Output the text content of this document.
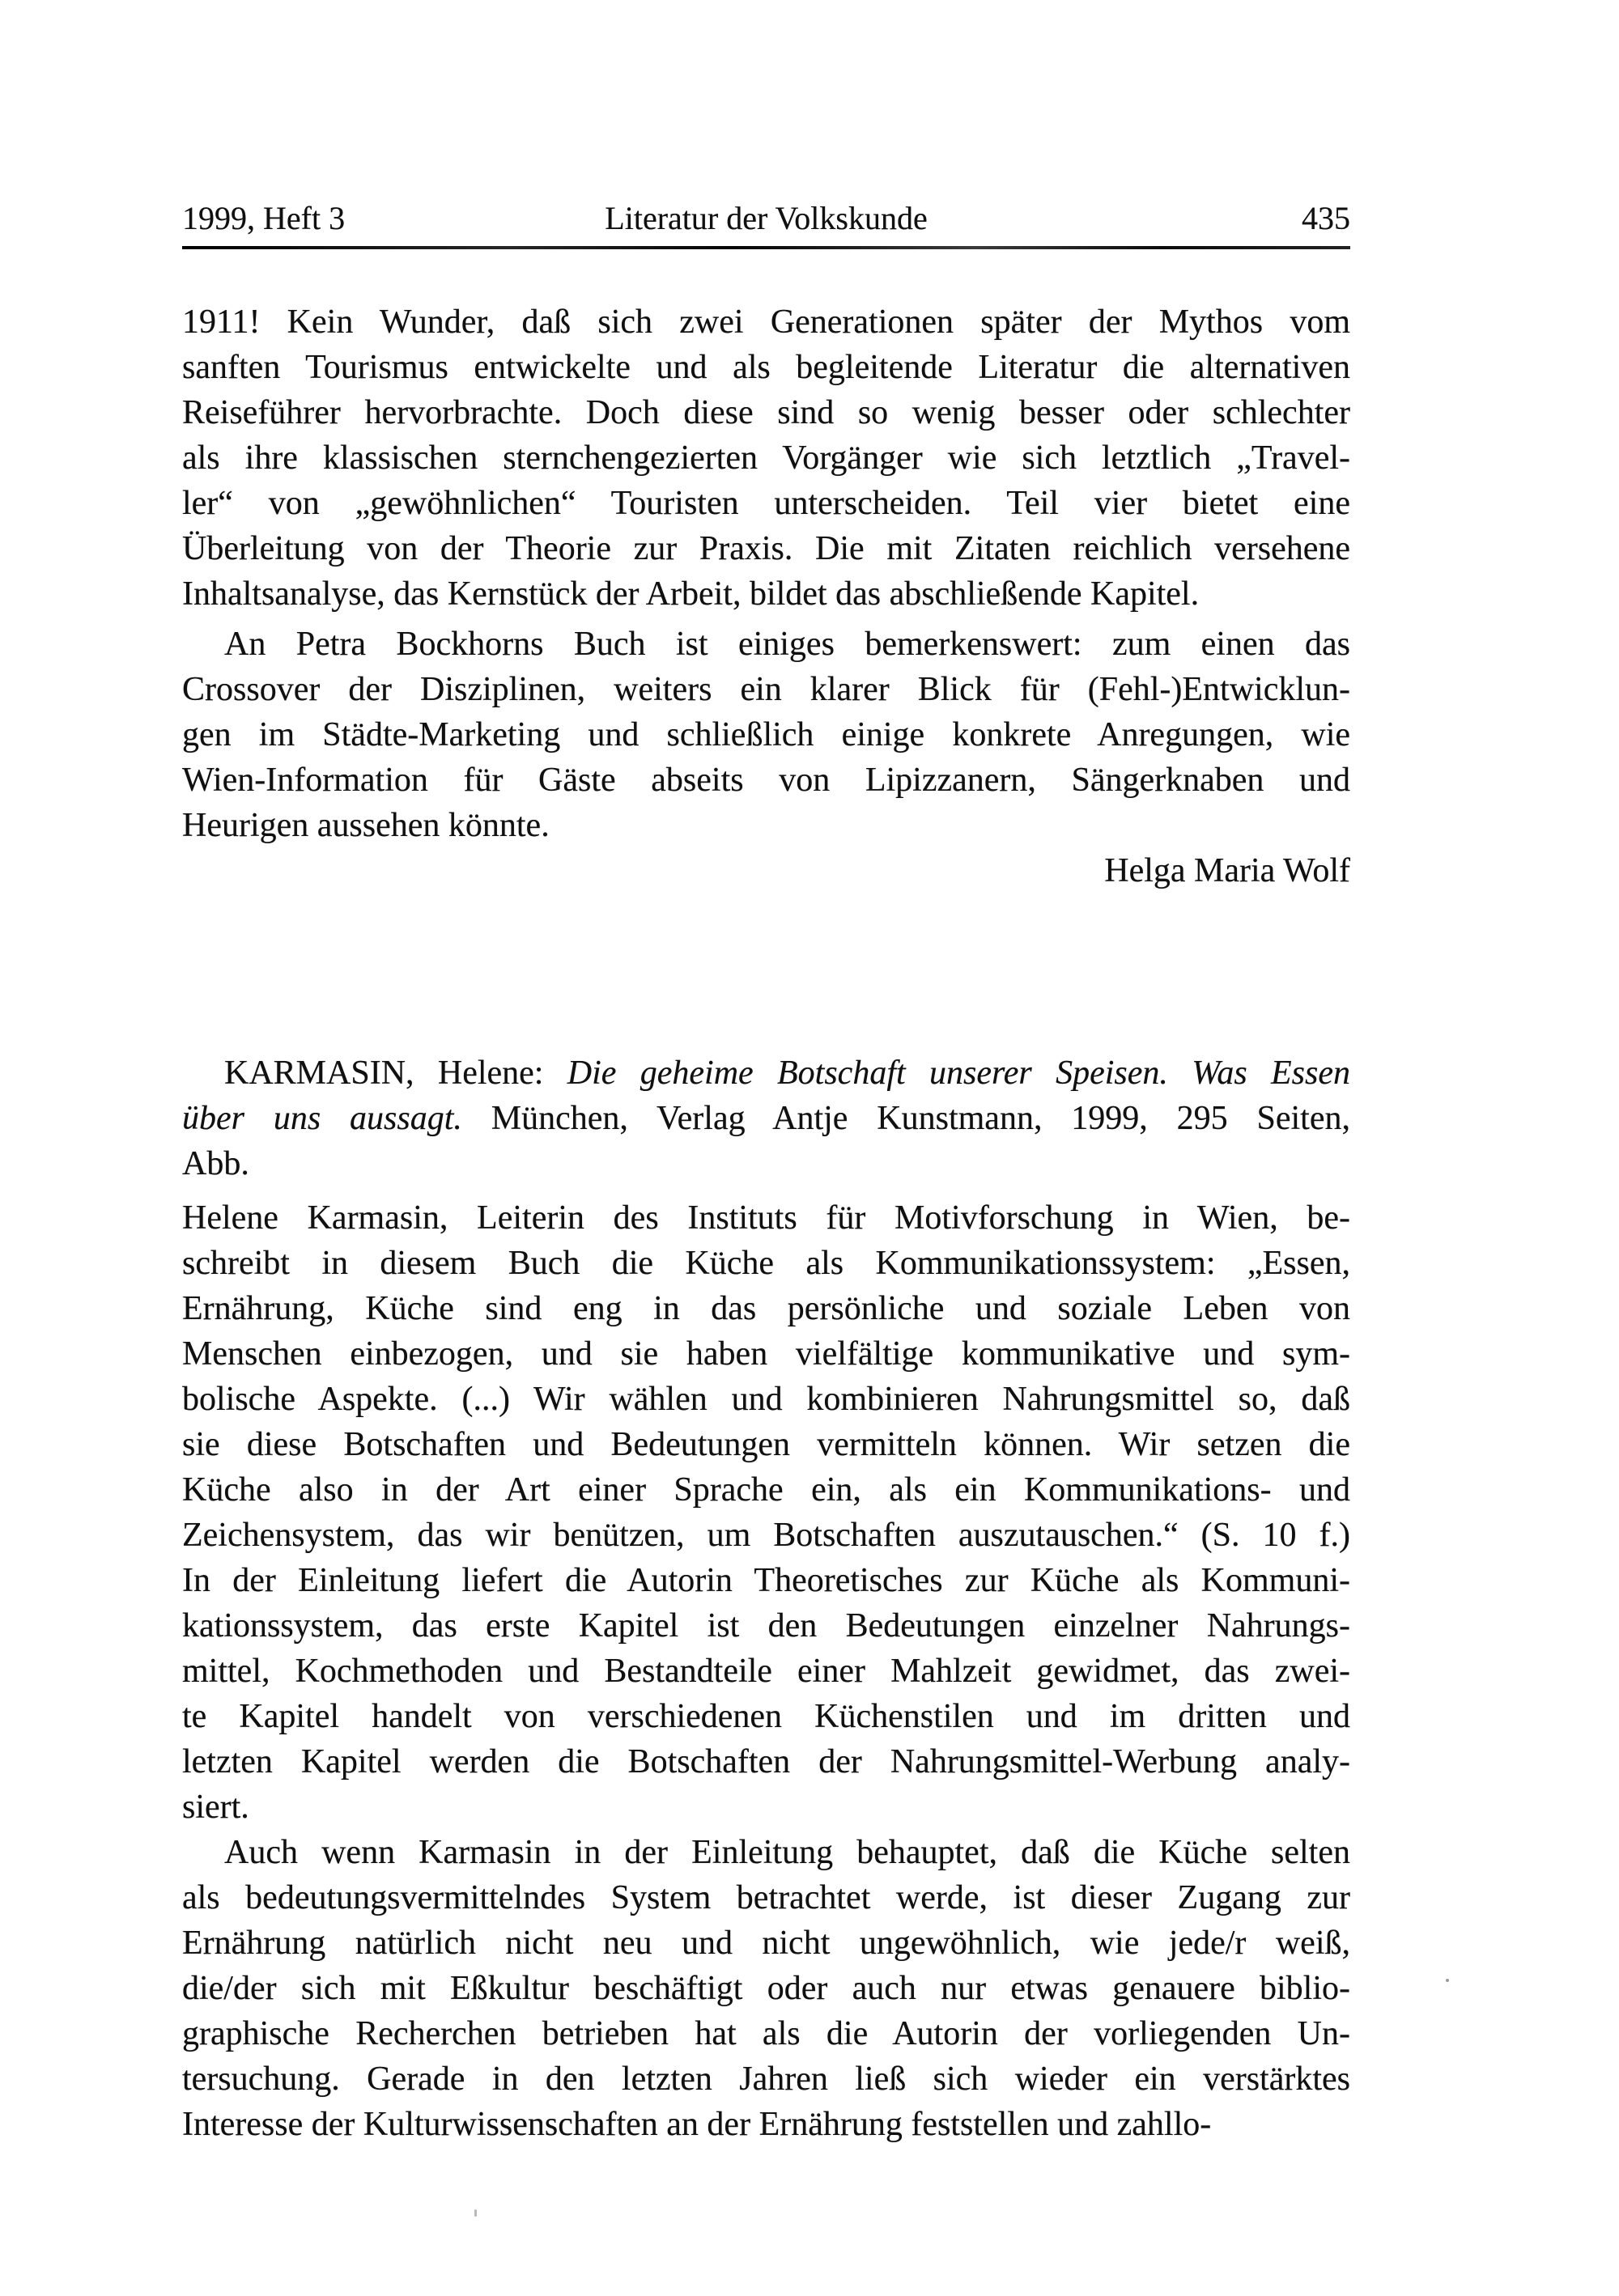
1999, Heft 3	Literatur der Volkskunde	435
1911! Kein Wunder, daß sich zwei Generationen später der Mythos vom
sanften Tourismus entwickelte und als begleitende Literatur die alternativen
Reiseführer hervorbrachte. Doch diese sind so wenig besser oder schlechter
als ihre klassischen sternchengezierten Vorgänger wie sich letztlich „Travel-
ler“ von „gewöhnlichen“ Touristen unterscheiden. Teil vier bietet eine
Überleitung von der Theorie zur Praxis. Die mit Zitaten reichlich versehene
Inhaltsanalyse, das Kernstück der Arbeit, bildet das abschließende Kapitel.
An Petra Bockhorns Buch ist einiges bemerkenswert: zum einen das
Crossover der Disziplinen, weiters ein klarer Blick für (Fehl-)Entwicklun-
gen im Städte-Marketing und schließlich einige konkrete Anregungen, wie
Wien-Information für Gäste abseits von Lipizzanern, Sängerknaben und
Heurigen aussehen könnte.
Helga Maria Wolf
KARMASIN, Helene: Die geheime Botschaft unserer Speisen. Was Essen
über uns aussagt. München, Verlag Antje Kunstmann, 1999, 295 Seiten,
Abb.
Helene Karmasin, Leiterin des Instituts für Motivforschung in Wien, be-
schreibt in diesem Buch die Küche als Kommunikationssystem: „Essen,
Ernährung, Küche sind eng in das persönliche und soziale Leben von
Menschen einbezogen, und sie haben vielfältige kommunikative und sym-
bolische Aspekte. (...) Wir wählen und kombinieren Nahrungsmittel so, daß
sie diese Botschaften und Bedeutungen vermitteln können. Wir setzen die
Küche also in der Art einer Sprache ein, als ein Kommunikations- und
Zeichensystem, das wir benützen, um Botschaften auszutauschen.“ (S. 10 f.)
In der Einleitung liefert die Autorin Theoretisches zur Küche als Kommuni-
kationssystem, das erste Kapitel ist den Bedeutungen einzelner Nahrungs-
mittel, Kochmethoden und Bestandteile einer Mahlzeit gewidmet, das zwei-
te Kapitel handelt von verschiedenen Küchenstilen und im dritten und
letzten Kapitel werden die Botschaften der Nahrungsmittel-Werbung analy-
siert.
Auch wenn Karmasin in der Einleitung behauptet, daß die Küche selten
als bedeutungsvermittelndes System betrachtet werde, ist dieser Zugang zur
Ernährung natürlich nicht neu und nicht ungewöhnlich, wie jede/r weiß,
die/der sich mit Eßkultur beschäftigt oder auch nur etwas genauere biblio-
graphische Recherchen betrieben hat als die Autorin der vorliegenden Un-
tersuchung. Gerade in den letzten Jahren ließ sich wieder ein verstärktes
Interesse der Kulturwissenschaften an der Ernährung feststellen und zahllo-
